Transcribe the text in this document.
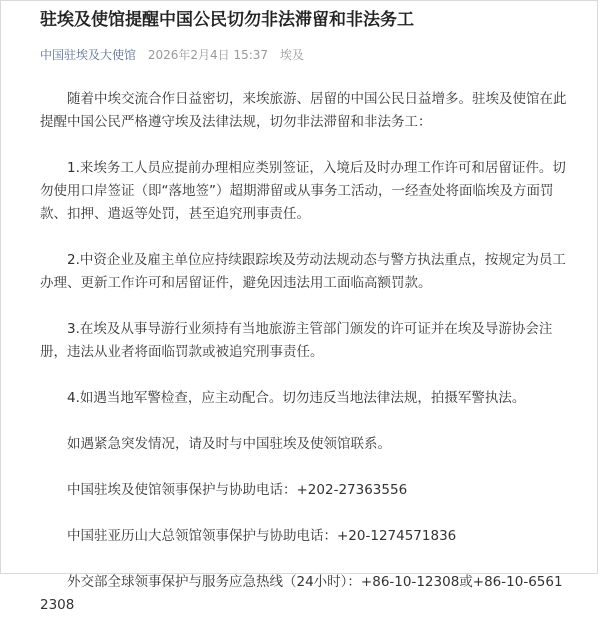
驻埃及使馆提醒中国公民切勿非法滞留和非法务工
中国驻埃及大使馆 2026年2月4日 15:37 埃及

随着中埃交流合作日益密切，来埃旅游、居留的中国公民日益增多。驻埃及使馆在此提醒中国公民严格遵守埃及法律法规，切勿非法滞留和非法务工：

1.来埃务工人员应提前办理相应类别签证，入境后及时办理工作许可和居留证件。切勿使用口岸签证（即“落地签”）超期滞留或从事务工活动，一经查处将面临埃及方面罚款、扣押、遣返等处罚，甚至追究刑事责任。

2.中资企业及雇主单位应持续跟踪埃及劳动法规动态与警方执法重点，按规定为员工办理、更新工作许可和居留证件，避免因违法用工面临高额罚款。

3.在埃及从事导游行业须持有当地旅游主管部门颁发的许可证并在埃及导游协会注册，违法从业者将面临罚款或被追究刑事责任。

4.如遇当地军警检查，应主动配合。切勿违反当地法律法规，拍摄军警执法。

如遇紧急突发情况，请及时与中国驻埃及使领馆联系。

中国驻埃及使馆领事保护与协助电话：+202-27363556

中国驻亚历山大总领馆领事保护与协助电话：+20-1274571836

外交部全球领事保护与服务应急热线（24小时）：+86-10-12308或+86-10-65612308
